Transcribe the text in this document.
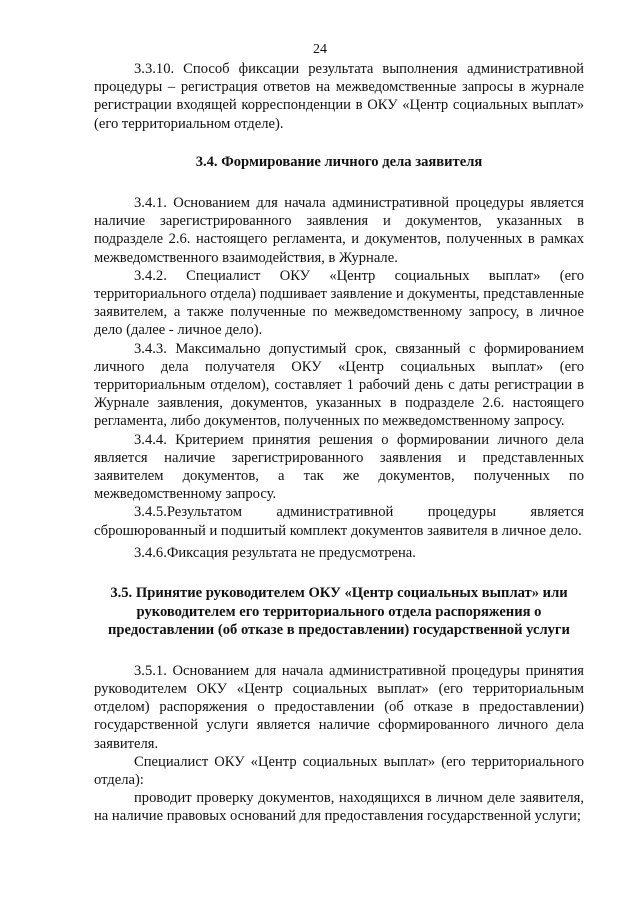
24

3.3.10. Способ фиксации результата выполнения административной процедуры – регистрация ответов на межведомственные запросы в журнале регистрации входящей корреспонденции в ОКУ «Центр социальных выплат» (его территориальном отделе).

3.4. Формирование личного дела заявителя

3.4.1. Основанием для начала административной процедуры является наличие зарегистрированного заявления и документов, указанных в подразделе 2.6. настоящего регламента, и документов, полученных в рамках межведомственного взаимодействия, в Журнале.

3.4.2. Специалист ОКУ «Центр социальных выплат» (его территориального отдела) подшивает заявление и документы, представленные заявителем, а также полученные по межведомственному запросу, в личное дело (далее - личное дело).

3.4.3. Максимально допустимый срок, связанный с формированием личного дела получателя ОКУ «Центр социальных выплат» (его территориальным отделом), составляет 1 рабочий день с даты регистрации в Журнале заявления, документов, указанных в подразделе 2.6. настоящего регламента, либо документов, полученных по межведомственному запросу.

3.4.4. Критерием принятия решения о формировании личного дела является наличие зарегистрированного заявления и представленных заявителем документов, а так же документов, полученных по межведомственному запросу.

3.4.5.Результатом административной процедуры является сброшюрованный и подшитый комплект документов заявителя в личное дело.

3.4.6.Фиксация результата не предусмотрена.

3.5. Принятие руководителем ОКУ «Центр социальных выплат» или руководителем его территориального отдела распоряжения о предоставлении (об отказе в предоставлении) государственной услуги

3.5.1. Основанием для начала административной процедуры принятия руководителем ОКУ «Центр социальных выплат» (его территориальным отделом) распоряжения о предоставлении (об отказе в предоставлении) государственной услуги является наличие сформированного личного дела заявителя.

Специалист ОКУ «Центр социальных выплат» (его территориального отдела):

проводит проверку документов, находящихся в личном деле заявителя, на наличие правовых оснований для предоставления государственной услуги;
